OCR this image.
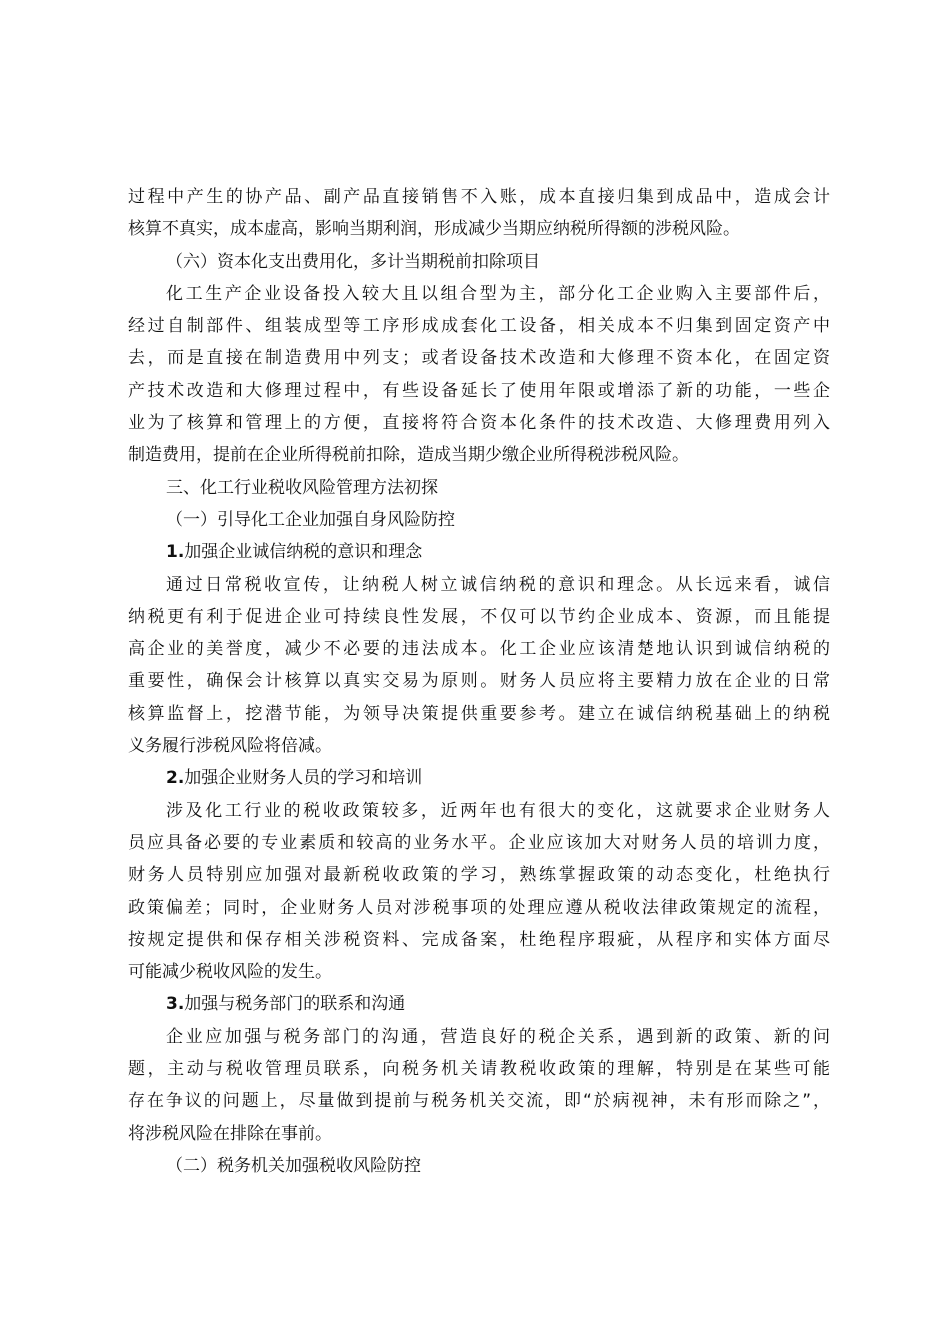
过程中产生的协产品、副产品直接销售不入账，成本直接归集到成品中，造成会计
核算不真实，成本虚高，影响当期利润，形成减少当期应纳税所得额的涉税风险。
（六）资本化支出费用化，多计当期税前扣除项目
化工生产企业设备投入较大且以组合型为主，部分化工企业购入主要部件后，
经过自制部件、组装成型等工序形成成套化工设备，相关成本不归集到固定资产中
去，而是直接在制造费用中列支；或者设备技术改造和大修理不资本化，在固定资
产技术改造和大修理过程中，有些设备延长了使用年限或增添了新的功能，一些企
业为了核算和管理上的方便，直接将符合资本化条件的技术改造、大修理费用列入
制造费用，提前在企业所得税前扣除，造成当期少缴企业所得税涉税风险。
三、化工行业税收风险管理方法初探
（一）引导化工企业加强自身风险防控
1.加强企业诚信纳税的意识和理念
通过日常税收宣传，让纳税人树立诚信纳税的意识和理念。从长远来看，诚信
纳税更有利于促进企业可持续良性发展，不仅可以节约企业成本、资源，而且能提
高企业的美誉度，减少不必要的违法成本。化工企业应该清楚地认识到诚信纳税的
重要性，确保会计核算以真实交易为原则。财务人员应将主要精力放在企业的日常
核算监督上，挖潜节能，为领导决策提供重要参考。建立在诚信纳税基础上的纳税
义务履行涉税风险将倍减。
2.加强企业财务人员的学习和培训
涉及化工行业的税收政策较多，近两年也有很大的变化，这就要求企业财务人
员应具备必要的专业素质和较高的业务水平。企业应该加大对财务人员的培训力度，
财务人员特别应加强对最新税收政策的学习，熟练掌握政策的动态变化，杜绝执行
政策偏差；同时，企业财务人员对涉税事项的处理应遵从税收法律政策规定的流程，
按规定提供和保存相关涉税资料、完成备案，杜绝程序瑕疵，从程序和实体方面尽
可能减少税收风险的发生。
3.加强与税务部门的联系和沟通
企业应加强与税务部门的沟通，营造良好的税企关系，遇到新的政策、新的问
题，主动与税收管理员联系，向税务机关请教税收政策的理解，特别是在某些可能
存在争议的问题上，尽量做到提前与税务机关交流，即“於病视神，未有形而除之”，
将涉税风险在排除在事前。
（二）税务机关加强税收风险防控
